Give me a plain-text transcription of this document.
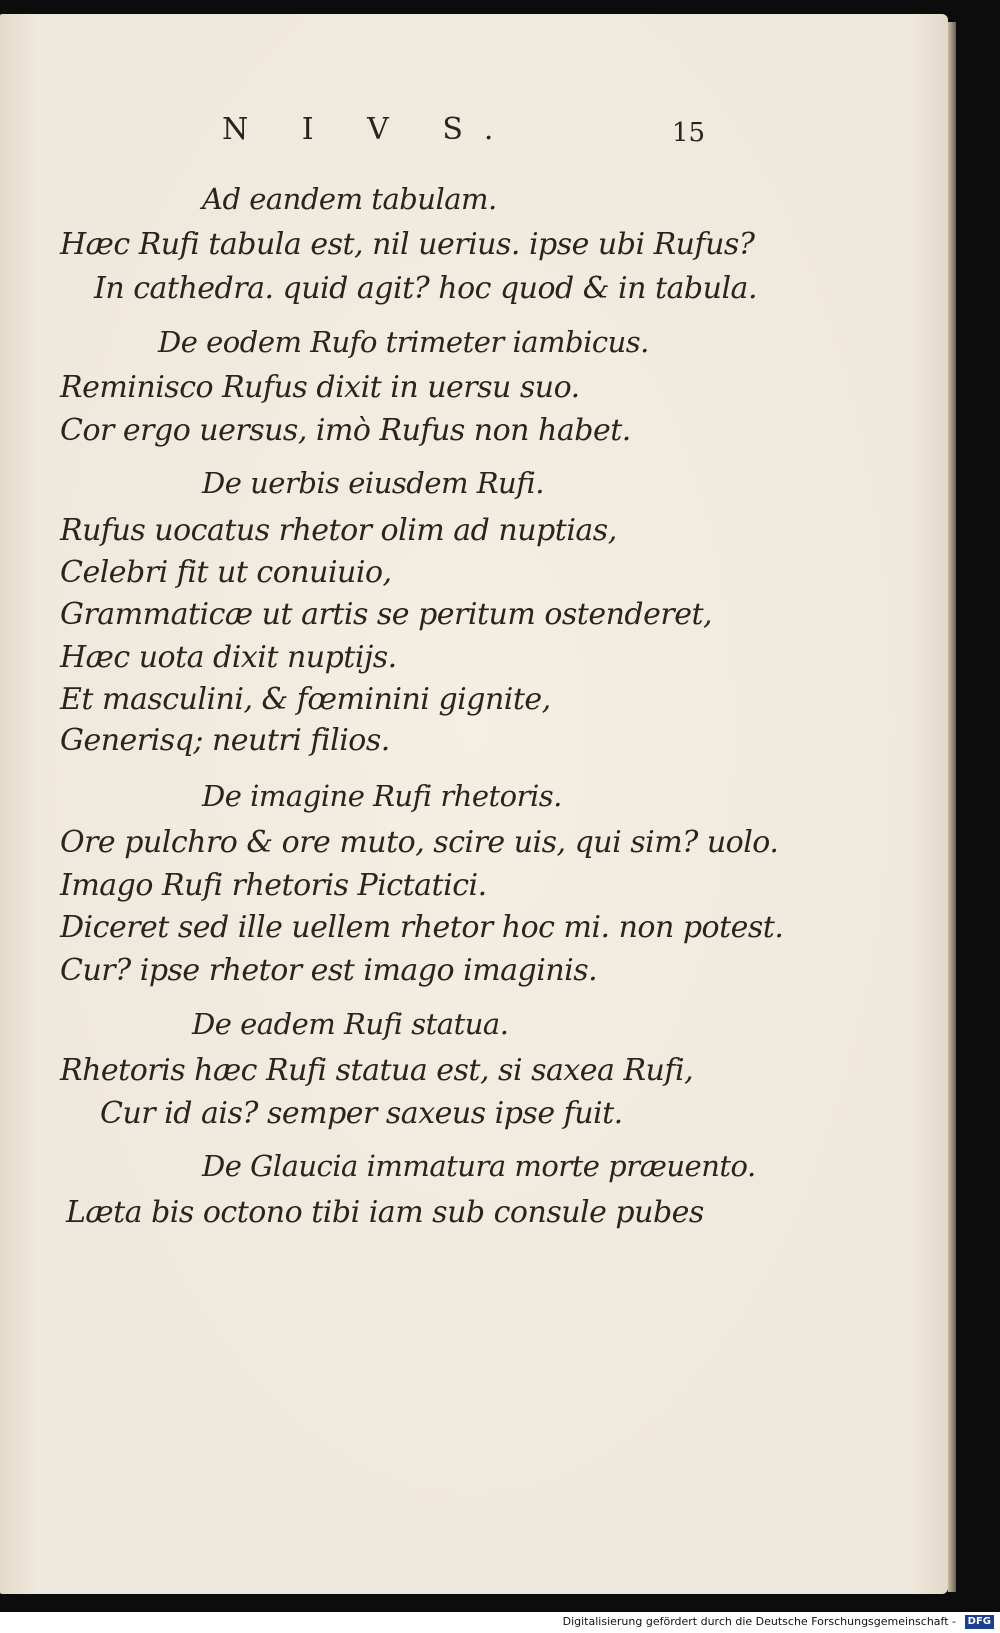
N I V S.	15
Ad eandem tabulam.
Hæc Rufi tabula est, nil uerius. ipse ubi Rufus?
In cathedra. quid agit? hoc quod & in tabula.
De eodem Rufo trimeter iambicus.
Reminisco Rufus dixit in uersu suo.
Cor ergo uersus, imò Rufus non habet.
De uerbis eiusdem Rufi.
Rufus uocatus rhetor olim ad nuptias,
Celebri fit ut conuiuio,
Grammaticæ ut artis se peritum ostenderet,
Hæc uota dixit nuptijs.
Et masculini, & fœminini gignite,
Generisq; neutri filios.
De imagine Rufi rhetoris.
Ore pulchro & ore muto, scire uis, qui sim? uolo.
Imago Rufi rhetoris Pictatici.
Diceret sed ille uellem rhetor hoc mi. non potest.
Cur? ipse rhetor est imago imaginis.
De eadem Rufi statua.
Rhetoris hæc Rufi statua est, si saxea Rufi,
Cur id ais? semper saxeus ipse fuit.
De Glaucia immatura morte præuento.
Læta bis octono tibi iam sub consule pubes
Digitalisierung gefördert durch die Deutsche Forschungsgemeinschaft -	DFG
